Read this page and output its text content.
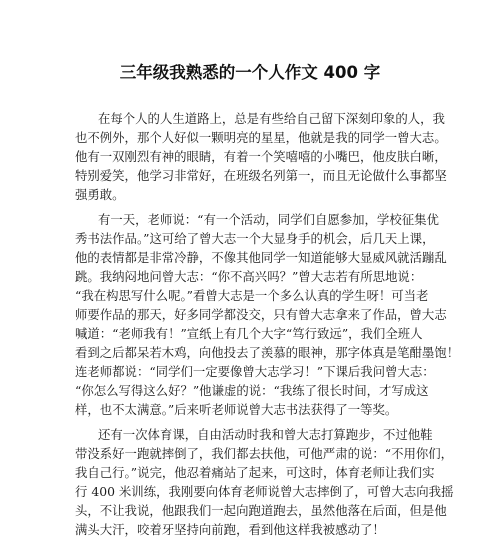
三年级我熟悉的一个人作文 400 字
在每个人的人生道路上，总是有些给自己留下深刻印象的人，我
也不例外，那个人好似一颗明亮的星星，他就是我的同学一曾大志。
他有一双刚烈有神的眼睛，有着一个笑嘻嘻的小嘴巴，他皮肤白晰，
特别爱笑，他学习非常好，在班级名列第一，而且无论做什么事都坚
强勇敢。
有一天，老师说：“有一个活动，同学们自愿参加，学校征集优
秀书法作品。”这可给了曾大志一个大显身手的机会，后几天上课，
他的表情都是非常冷静，不像其他同学一知道能够大显威风就活蹦乱
跳。我纳闷地问曾大志：“你不高兴吗？”曾大志若有所思地说：
“我在构思写什么呢。”看曾大志是一个多么认真的学生呀！可当老
师要作品的那天，好多同学都没交，只有曾大志拿来了作品，曾大志
喊道：“老师我有！”宣纸上有几个大字“笃行致远”，我们全班人
看到之后都呆若木鸡，向他投去了羡慕的眼神，那字体真是笔酣墨饱！
连老师都说：“同学们一定要像曾大志学习！”下课后我问曾大志：
“你怎么写得这么好？”他谦虚的说：“我练了很长时间，才写成这
样，也不太满意。”后来听老师说曾大志书法获得了一等奖。
还有一次体育课，自由活动时我和曾大志打算跑步，不过他鞋
带没系好一跑就摔倒了，我们都去扶他，可他严肃的说：“不用你们，
我自己行。”说完，他忍着痛站了起来，可这时，体育老师让我们实
行 400 米训练，我刚要向体育老师说曾大志摔倒了，可曾大志向我摇
头，不让我说，他跟我们一起向跑道跑去，虽然他落在后面，但是他
满头大汗，咬着牙坚持向前跑，看到他这样我被感动了！
